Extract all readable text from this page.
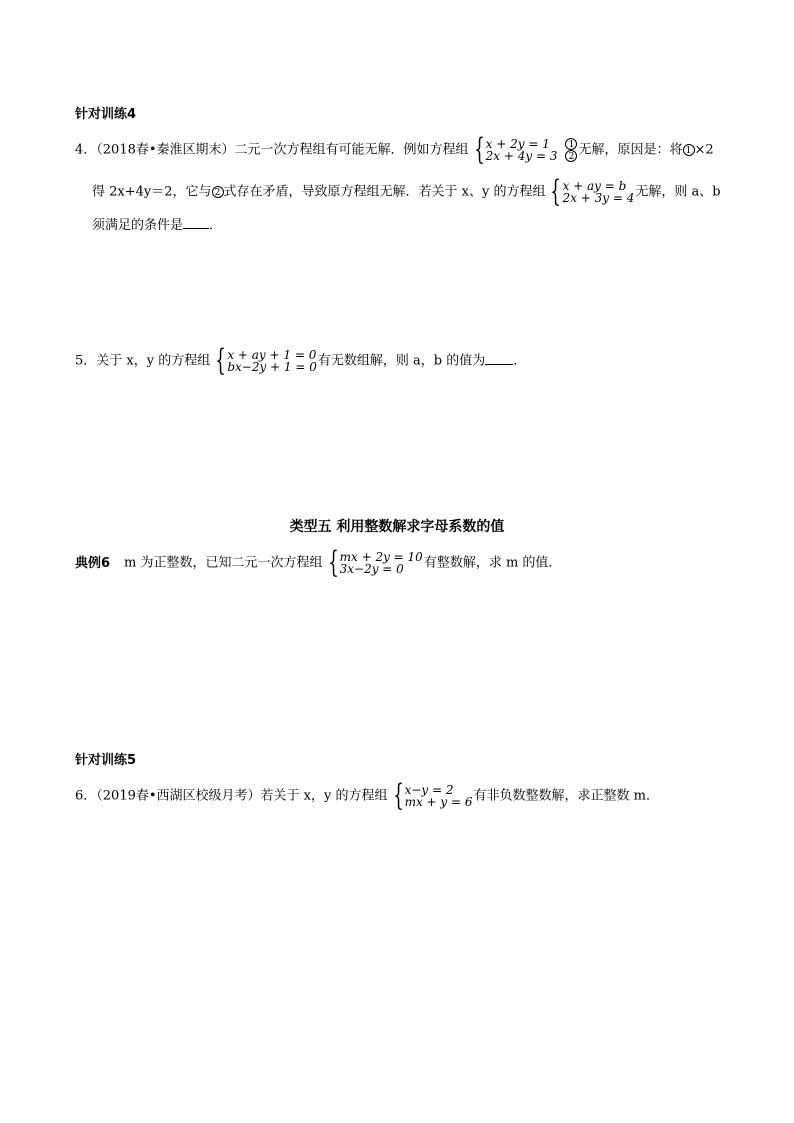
针对训练4
4．（2018春•秦淮区期末）二元一次方程组有可能无解．例如方程组 { x + 2y = 1
2x + 4y = 3
1
2 无解，原因是：将 1 ×2
得 2x+4y＝2，它与 2 式存在矛盾，导致原方程组无解．若关于 x、y 的方程组 { x + ay = b
2x + 3y = 4 无解，则 a、b
须满足的条件是 ．
5．关于 x，y 的方程组 { x + ay + 1 = 0
bx−2y + 1 = 0 有无数组解，则 a，b 的值为 ．
类型五 利用整数解求字母系数的值
典例6 m 为正整数，已知二元一次方程组 { mx + 2y = 10
3x−2y = 0	有整数解，求 m 的值．
针对训练5
6．（2019春•西湖区校级月考）若关于 x，y 的方程组 { x−y = 2
mx + y = 6 有非负数整数解，求正整数 m．
